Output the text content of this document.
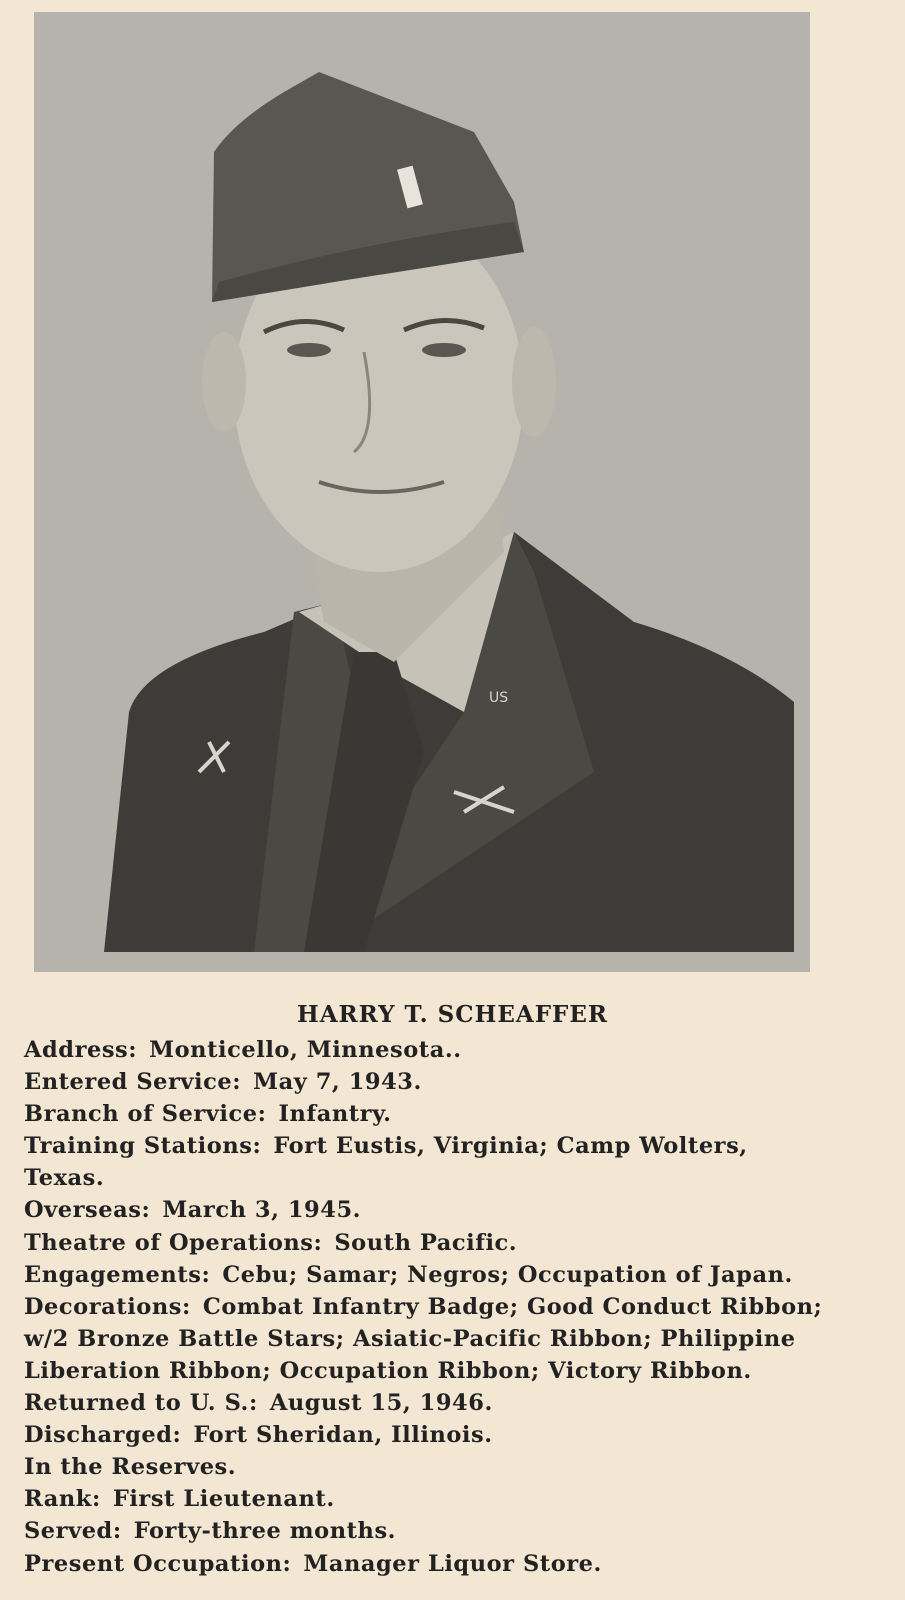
US
HARRY T. SCHEAFFER
Address: Monticello, Minnesota..
Entered Service: May 7, 1943.
Branch of Service: Infantry.
Training Stations: Fort Eustis, Virginia; Camp Wolters,
Texas.
Overseas: March 3, 1945.
Theatre of Operations: South Pacific.
Engagements: Cebu; Samar; Negros; Occupation of Japan.
Decorations: Combat Infantry Badge; Good Conduct Ribbon;
w/2 Bronze Battle Stars; Asiatic-Pacific Ribbon; Philippine
Liberation Ribbon; Occupation Ribbon; Victory Ribbon.
Returned to U. S.: August 15, 1946.
Discharged: Fort Sheridan, Illinois.
In the Reserves.
Rank: First Lieutenant.
Served: Forty-three months.
Present Occupation: Manager Liquor Store.
